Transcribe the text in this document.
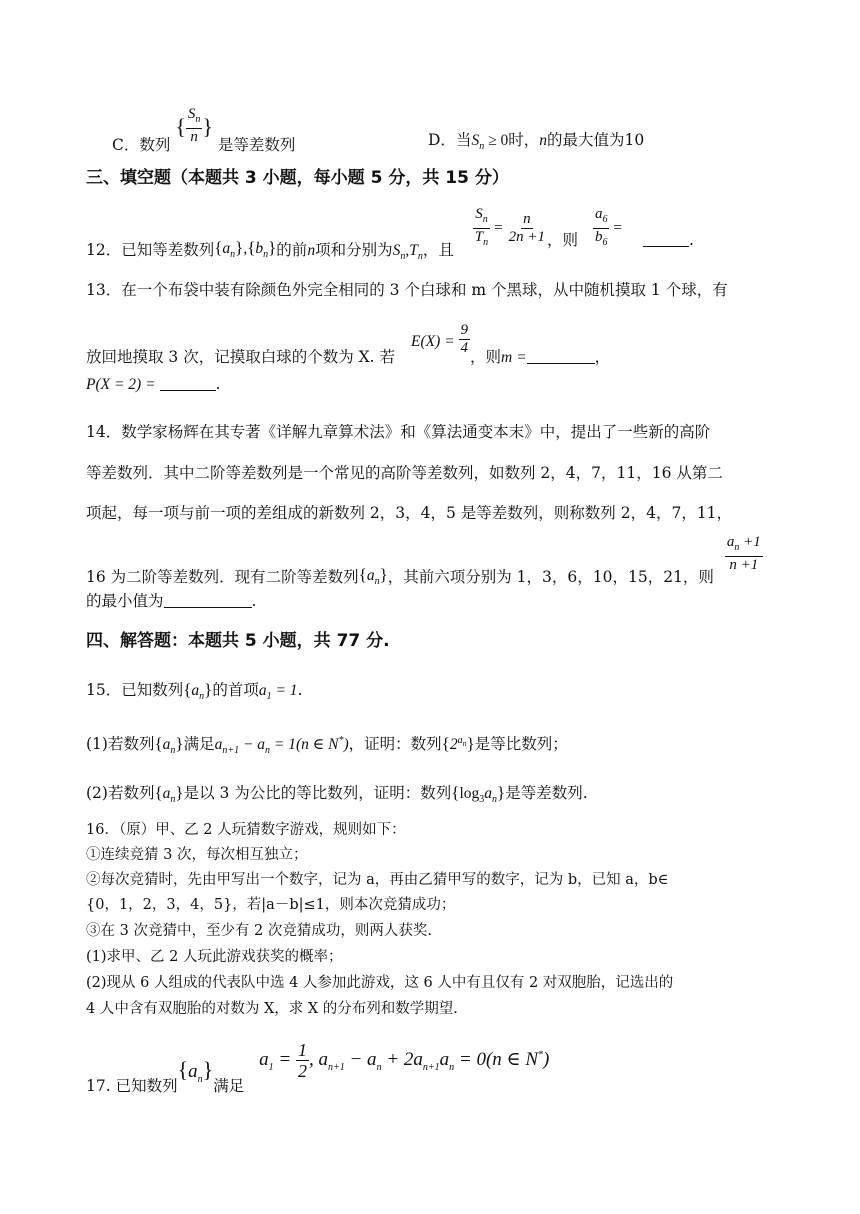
C．数列 { $\frac{S_n}{n}$ } 是等差数列	D．当$S_n \ge 0$时，n的最大值为10
三、填空题（本题共 3 小题，每小题 5 分，共 15 分）
12．已知等差数列$\{a_n\},\{b_n\}$的前n项和分别为$S_n,T_n$，且 $\frac{S_n}{T_n} = \frac{n}{2n +1}$ ，则 $\frac{a_6}{b_6}$ = .
13．在一个布袋中装有除颜色外完全相同的 3 个白球和 m 个黑球，从中随机摸取 1 个球，有
放回地摸取 3 次，记摸取白球的个数为 X. 若$E(X) = \frac{9}{4}$ ，则m =	，
P(X = 2) =	.
14．数学家杨辉在其专著《详解九章算术法》和《算法通变本末》中，提出了一些新的高阶
等差数列．其中二阶等差数列是一个常见的高阶等差数列，如数列 2，4，7，11，16 从第二
项起，每一项与前一项的差组成的新数列 2，3，4，5 是等差数列，则称数列 2，4，7，11，
16 为二阶等差数列．现有二阶等差数列$\{a_n\}$，其前六项分别为 1，3，6，10，15，21，则
$\frac{a_n +1}{n +1}$
的最小值为	.
四、解答题：本题共 5 小题，共 77 分.
15．已知数列$\{a_n\}$的首项$a_1 = 1$.
(1)若数列$\{a_n\}$满足$a_{n+1} - a_n = 1(n$ ∈ N*)，证明：数列$\{2^{a_n}\}$是等比数列；
(2)若数列$\{a_n\}$是以 3 为公比的等比数列，证明：数列$\{\log_3a_n\}$是等差数列.
16．（原）甲、乙 2 人玩猜数字游戏，规则如下：
①连续竞猜 3 次，每次相互独立；
②每次竞猜时，先由甲写出一个数字，记为 a，再由乙猜甲写的数字，记为 b，已知 a，b∈
{0，1，2，3，4，5}，若|a－b|≤1，则本次竞猜成功；
③在 3 次竞猜中，至少有 2 次竞猜成功，则两人获奖.
(1)求甲、乙 2 人玩此游戏获奖的概率；
(2)现从 6 人组成的代表队中选 4 人参加此游戏，这 6 人中有且仅有 2 对双胞胎，记选出的
4 人中含有双胞胎的对数为 X，求 X 的分布列和数学期望.
17. 已知数列$\{a_n\}$满足 $a_1 = \frac{1}{2}$ , $a_{n+1} - a_n + 2a_{n+1}a_n = 0(n$ ∈ N*)
